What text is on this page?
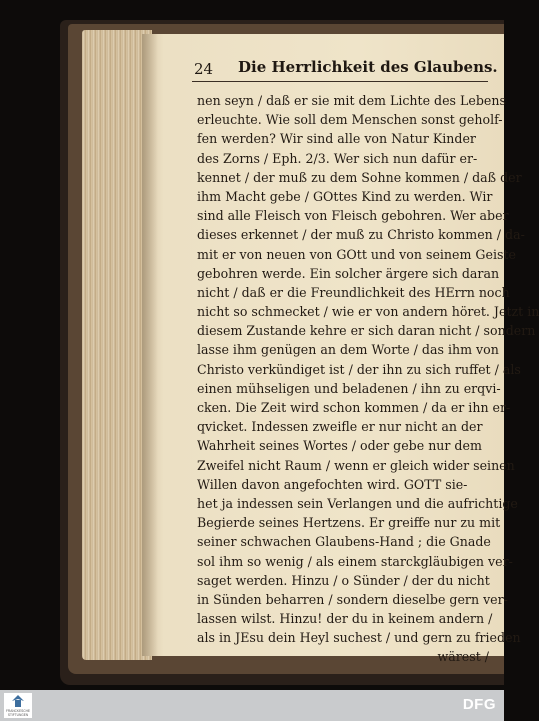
24 Die Herrlichkeit des Glaubens.
nen seyn / daß er sie mit dem Lichte des Lebens
erleuchte. Wie soll dem Menschen sonst geholf-
fen werden? Wir sind alle von Natur Kinder
des Zorns / Eph. 2/3. Wer sich nun dafür er-
kennet / der muß zu dem Sohne kommen / daß der
ihm Macht gebe / GOttes Kind zu werden. Wir
sind alle Fleisch von Fleisch gebohren. Wer aber
dieses erkennet / der muß zu Christo kommen / da-
mit er von neuen von GOtt und von seinem Geiste
gebohren werde. Ein solcher ärgere sich daran
nicht / daß er die Freundlichkeit des HErrn noch
nicht so schmecket / wie er von andern höret. Jetzt in
diesem Zustande kehre er sich daran nicht / sondern
lasse ihm genügen an dem Worte / das ihm von
Christo verkündiget ist / der ihn zu sich ruffet / als
einen mühseligen und beladenen / ihn zu erqvi-
cken. Die Zeit wird schon kommen / da er ihn er-
qvicket. Indessen zweifle er nur nicht an der
Wahrheit seines Wortes / oder gebe nur dem
Zweifel nicht Raum / wenn er gleich wider seinen
Willen davon angefochten wird. GOTT sie-
het ja indessen sein Verlangen und die aufrichtige
Begierde seines Hertzens. Er greiffe nur zu mit
seiner schwachen Glaubens-Hand ; die Gnade
sol ihm so wenig / als einem starckgläubigen ver-
saget werden. Hinzu / o Sünder / der du nicht
in Sünden beharren / sondern dieselbe gern ver-
lassen wilst. Hinzu! der du in keinem andern /
als in JEsu dein Heyl suchest / und gern zu frieden
wärest /
FRANCKESCHE
STIFTUNGEN
DFG
